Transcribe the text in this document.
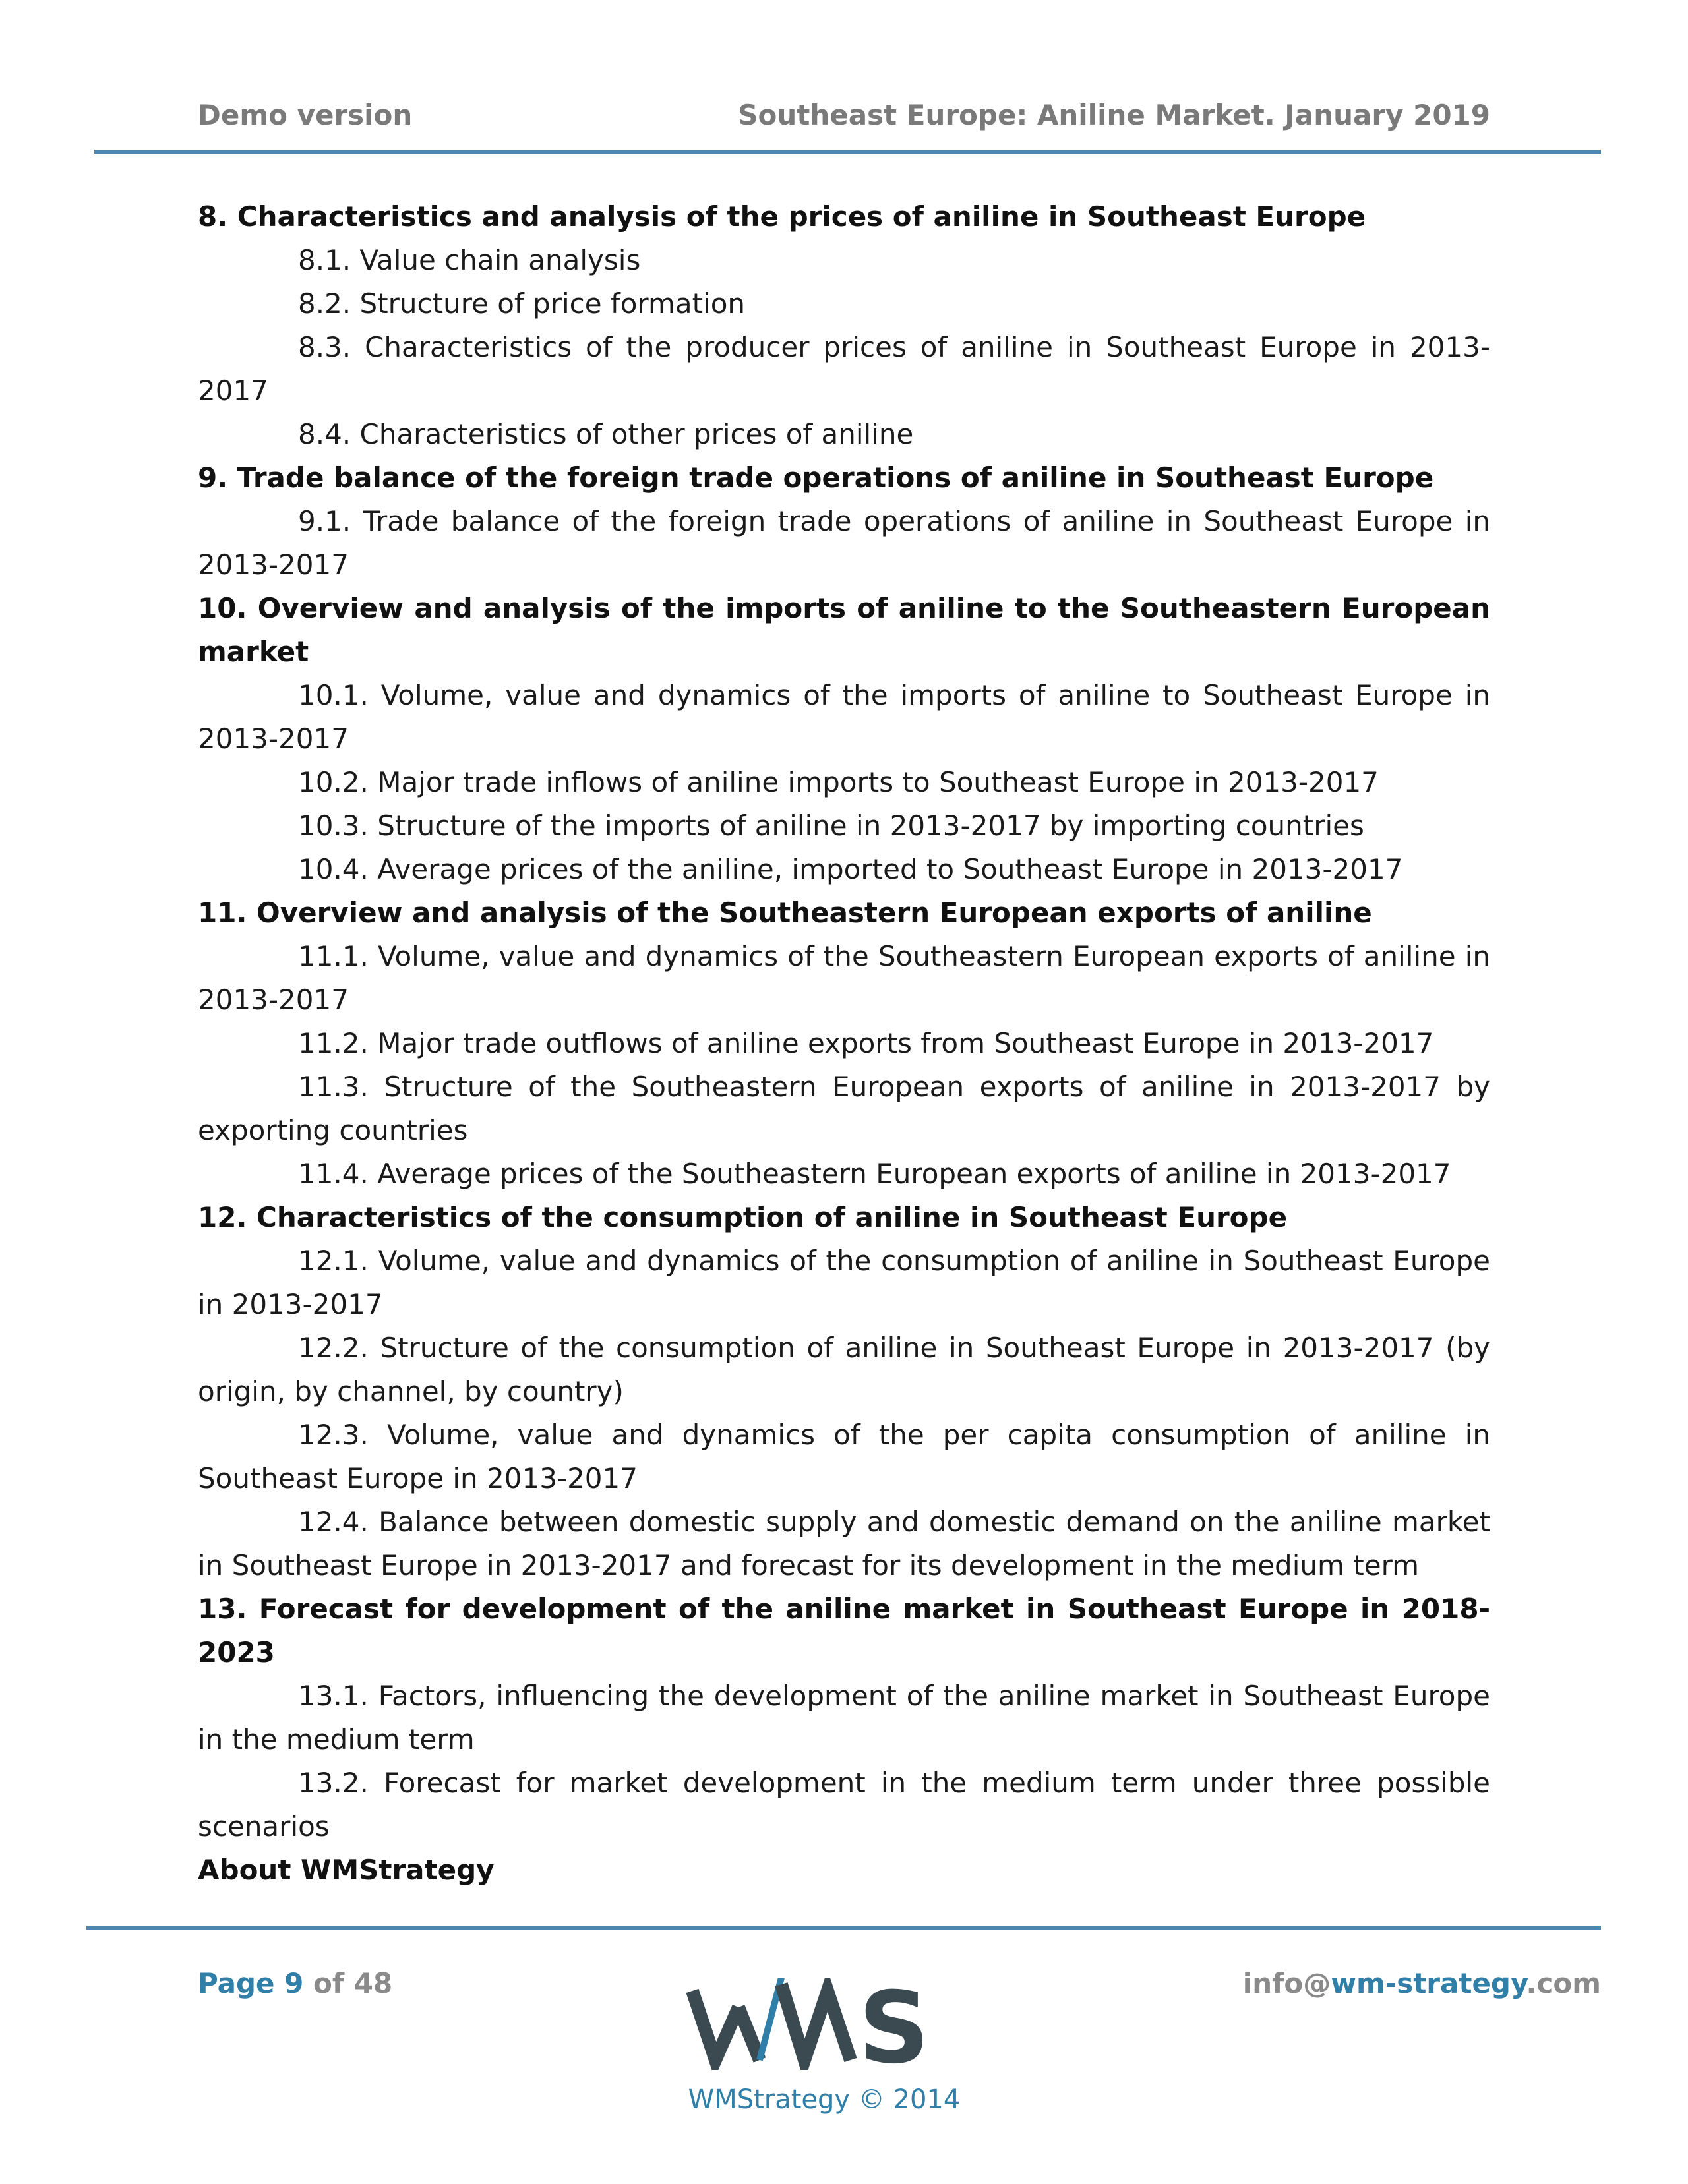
Demo version	Southeast Europe: Aniline Market. January 2019

8. Characteristics and analysis of the prices of aniline in Southeast Europe

8.1. Value chain analysis

8.2. Structure of price formation

8.3. Characteristics of the producer prices of aniline in Southeast Europe in 2013-2017

8.4. Characteristics of other prices of aniline

9. Trade balance of the foreign trade operations of aniline in Southeast Europe

9.1. Trade balance of the foreign trade operations of aniline in Southeast Europe in 2013-2017

10. Overview and analysis of the imports of aniline to the Southeastern European market

10.1. Volume, value and dynamics of the imports of aniline to Southeast Europe in 2013-2017

10.2. Major trade inflows of aniline imports to Southeast Europe in 2013-2017

10.3. Structure of the imports of aniline in 2013-2017 by importing countries

10.4. Average prices of the aniline, imported to Southeast Europe in 2013-2017

11. Overview and analysis of the Southeastern European exports of aniline

11.1. Volume, value and dynamics of the Southeastern European exports of aniline in 2013-2017

11.2. Major trade outflows of aniline exports from Southeast Europe in 2013-2017

11.3. Structure of the Southeastern European exports of aniline in 2013-2017 by exporting countries

11.4. Average prices of the Southeastern European exports of aniline in 2013-2017

12. Characteristics of the consumption of aniline in Southeast Europe

12.1. Volume, value and dynamics of the consumption of aniline in Southeast Europe in 2013-2017

12.2. Structure of the consumption of aniline in Southeast Europe in 2013-2017 (by origin, by channel, by country)

12.3. Volume, value and dynamics of the per capita consumption of aniline in Southeast Europe in 2013-2017

12.4. Balance between domestic supply and domestic demand on the aniline market in Southeast Europe in 2013-2017 and forecast for its development in the medium term

13. Forecast for development of the aniline market in Southeast Europe in 2018-2023

13.1. Factors, influencing the development of the aniline market in Southeast Europe in the medium term

13.2. Forecast for market development in the medium term under three possible scenarios

About WMStrategy

Page 9 of 48	info@wm-strategy.com
S
WMStrategy © 2014
